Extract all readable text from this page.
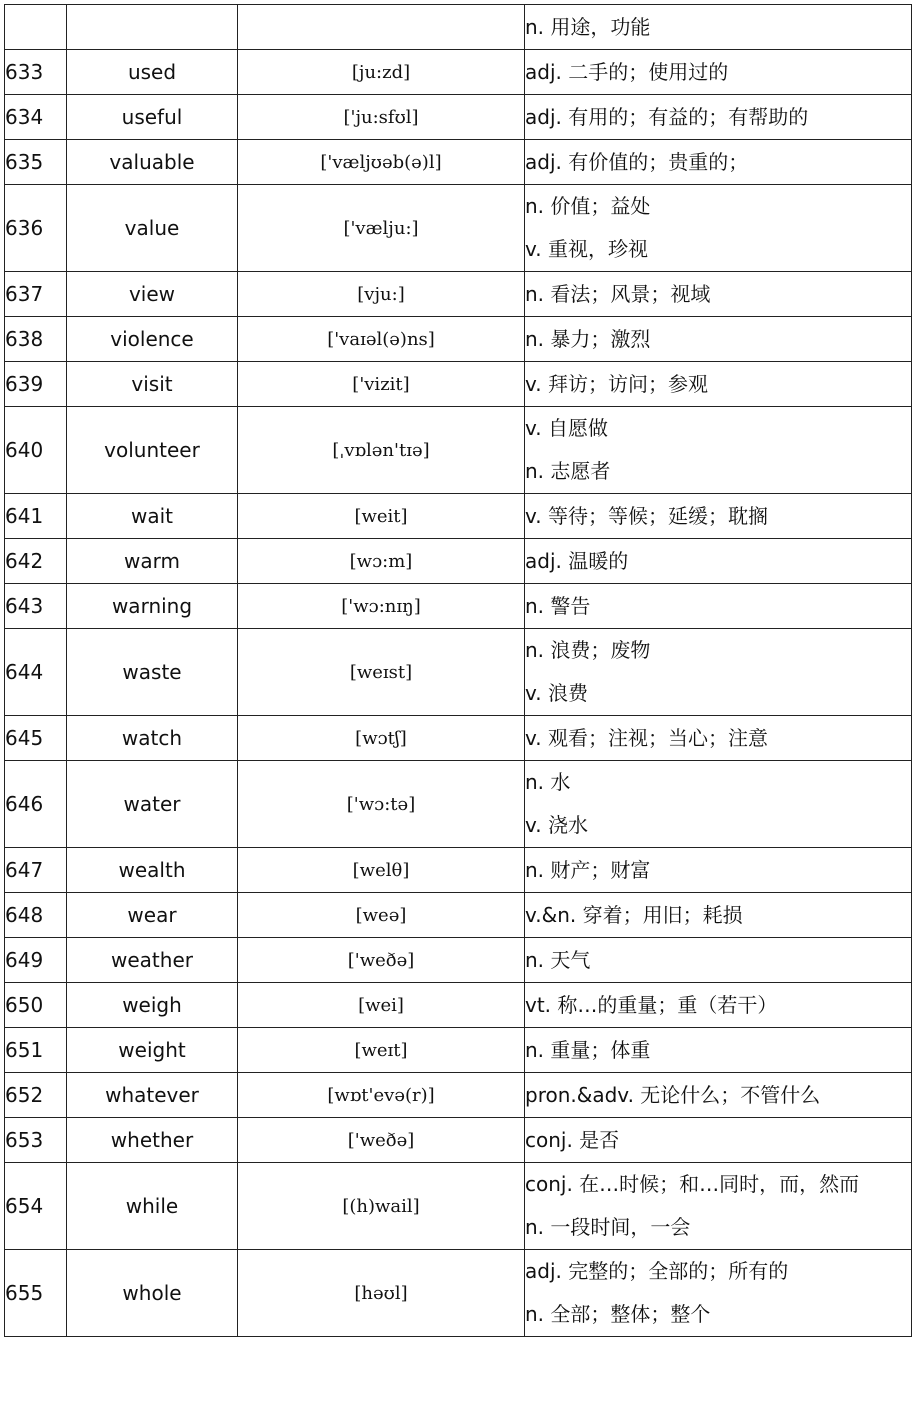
			n. 用途，功能

633	used	[ju:zd]	adj. 二手的；使用过的

634	useful	['ju:sfʊl]	adj. 有用的；有益的；有帮助的

635	valuable	['væljʊəb(ə)l]	adj. 有价值的；贵重的；

636	value	['vælju:]	n. 价值；益处
v. 重视，珍视

637	view	[vju:]	n. 看法；风景；视域

638	violence	['vaɪəl(ə)ns]	n. 暴力；激烈

639	visit	['vizit]	v. 拜访；访问；参观

640	volunteer	[ˌvɒlən'tɪə]	v. 自愿做
n. 志愿者

641	wait	[weit]	v. 等待；等候；延缓；耽搁

642	warm	[wɔ:m]	adj. 温暖的

643	warning	['wɔ:nɪŋ]	n. 警告

644	waste	[weɪst]	n. 浪费；废物
v. 浪费

645	watch	[wɔtʃ]	v. 观看；注视；当心；注意

646	water	['wɔ:tə]	n. 水
v. 浇水

647	wealth	[welθ]	n. 财产；财富

648	wear	[weə]	v.&n. 穿着；用旧；耗损

649	weather	['weðə]	n. 天气

650	weigh	[wei]	vt. 称…的重量；重（若干）

651	weight	[weɪt]	n. 重量；体重

652	whatever	[wɒt'evə(r)]	pron.&adv. 无论什么；不管什么

653	whether	['weðə]	conj. 是否

654	while	[(h)wail]	conj. 在…时候；和…同时，而，然而
n. 一段时间，一会

655	whole	[həʊl]	adj. 完整的；全部的；所有的
n. 全部；整体；整个
